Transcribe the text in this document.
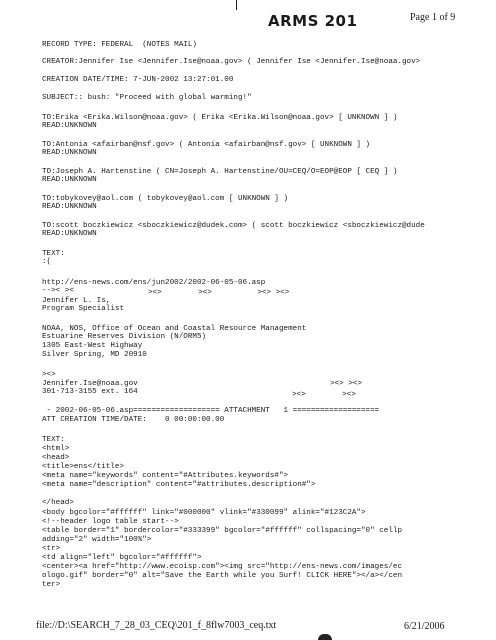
ARMS 201	Page 1 of 9
RECORD TYPE: FEDERAL  (NOTES MAIL)
CREATOR:Jennifer Ise <Jennifer.Ise@noaa.gov> ( Jennifer Ise <Jennifer.Ise@noaa.gov>
CREATION DATE/TIME: 7-JUN-2002 13:27:01.00
SUBJECT:: bush: "Proceed with global warming!"
TO:Erika <Erika.Wilson@noaa.gov> ( Erika <Erika.Wilson@noaa.gov> [ UNKNOWN ] )
READ:UNKNOWN
TO:Antonia <afairban@nsf.gov> ( Antonia <afairban@nsf.gov> [ UNKNOWN ] )
READ:UNKNOWN
TO:Joseph A. Hartenstine ( CN=Joseph A. Hartenstine/OU=CEQ/O=EOP@EOP [ CEQ ] )
READ:UNKNOWN
TO:tobykovey@aol.com ( tobykovey@aol.com [ UNKNOWN ] )
READ:UNKNOWN
TO:scott boczkiewicz <sboczkiewicz@dudek.com> ( scott boczkiewicz <sboczkiewicz@dude
READ:UNKNOWN
TEXT:
:(
http://ens-news.com/ens/jun2002/2002-06-05-06.asp
-->< ><	><>        ><>          ><> ><>
Jennifer L. Is,
Program Specialist
NOAA, NOS, Office of Ocean and Coastal Resource Management
Estuarine Reserves Division (N/ORM5)
1305 East-West Highway
Silver Spring, MD 20910
><>
Jennifer.Ise@noaa.gov	><> ><>
301-713-3155 ext. 164	><>        ><>
- 2002-06-05-06.asp=================== ATTACHMENT   1 ===================
ATT CREATION TIME/DATE:    0 00:00:00.00
TEXT:
<html>
<head>
<title>ens</title>
<meta name="keywords" content="#Attributes.keywords#">
<meta name="description" content="#attributes.description#">
</head>
<body bgcolor="#ffffff" link="#000000" vlink="#330099" alink="#123C2A">
<!--header logo table start-->
<table border="1" bordercolor="#333399" bgcolor="#ffffff" collspacing="0" cellp
adding="2" width="100%">
<tr>
<td align="left" bgcolor="#ffffff">
<center><a href="http://www.ecoisp.com"><img src="http://ens-news.com/images/ec
ologo.gif" border="0" alt="Save the Earth while you Surf! CLICK HERE"></a></cen
ter>
file://D:\SEARCH_7_28_03_CEQ\201_f_8flw7003_ceq.txt	6/21/2006
